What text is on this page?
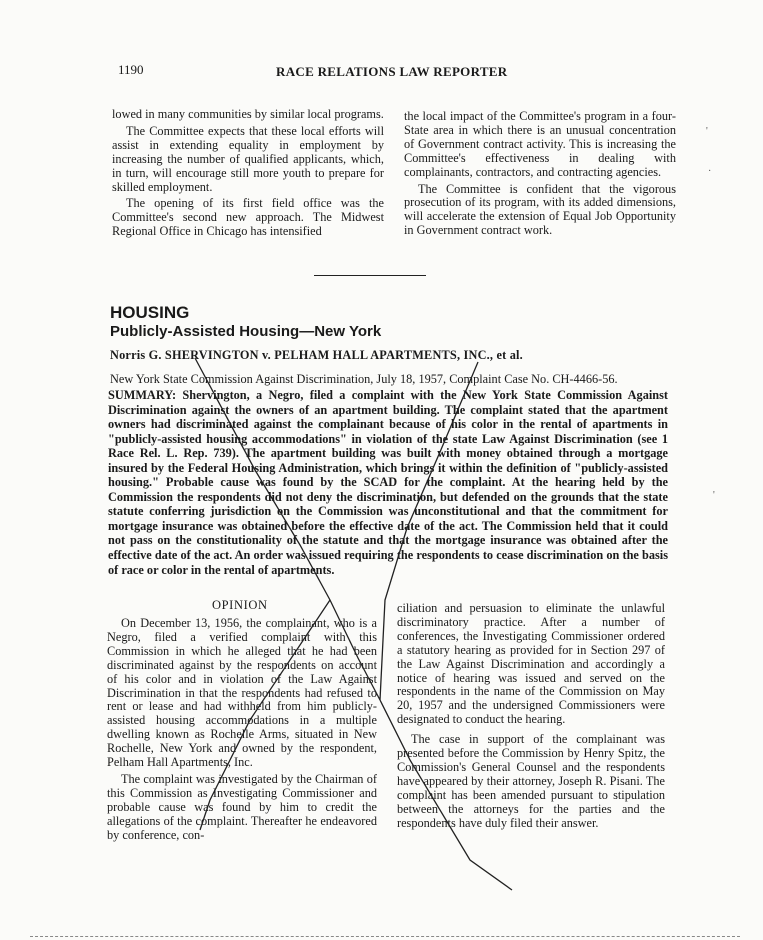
1190	RACE RELATIONS LAW REPORTER

lowed in many communities by similar local programs.

The Committee expects that these local efforts will assist in extending equality in employment by increasing the number of qualified applicants, which, in turn, will encourage still more youth to prepare for skilled employment.

The opening of its first field office was the Committee's second new approach. The Midwest Regional Office in Chicago has intensified

the local impact of the Committee's program in a four-State area in which there is an unusual concentration of Government contract activity. This is increasing the Committee's effectiveness in dealing with complainants, contractors, and contracting agencies.

The Committee is confident that the vigorous prosecution of its program, with its added dimensions, will accelerate the extension of Equal Job Opportunity in Government contract work.

HOUSING
Publicly-Assisted Housing—New York
Norris G. SHERVINGTON v. PELHAM HALL APARTMENTS, INC., et al.
New York State Commission Against Discrimination, July 18, 1957, Complaint Case No. CH-4466-56.
SUMMARY: Shervington, a Negro, filed a complaint with the New York State Commission Against Discrimination against the owners of an apartment building. The complaint stated that the apartment owners had discriminated against the complainant because of his color in the rental of apartments in "publicly-assisted housing accommodations" in violation of the state Law Against Discrimination (see 1 Race Rel. L. Rep. 739). The apartment building was built with money obtained through a mortgage insured by the Federal Housing Administration, which brings it within the definition of "publicly-assisted housing." Probable cause was found by the SCAD for the complaint. At the hearing held by the Commission the respondents did not deny the discrimination, but defended on the grounds that the state statute conferring jurisdiction on the Commission was unconstitutional and that the commitment for mortgage insurance was obtained before the effective date of the act. The Commission held that it could not pass on the constitutionality of the statute and that the mortgage insurance was obtained after the effective date of the act. An order was issued requiring the respondents to cease discrimination on the basis of race or color in the rental of apartments.
OPINION

On December 13, 1956, the complainant, who is a Negro, filed a verified complaint with this Commission in which he alleged that he had been discriminated against by the respondents on account of his color and in violation of the Law Against Discrimination in that the respondents had refused to rent or lease and had withheld from him publicly-assisted housing accommodations in a multiple dwelling known as Rochelle Arms, situated in New Rochelle, New York and owned by the respondent, Pelham Hall Apartments, Inc.

The complaint was investigated by the Chairman of this Commission as Investigating Commissioner and probable cause was found by him to credit the allegations of the complaint. Thereafter he endeavored by conference, con-

ciliation and persuasion to eliminate the unlawful discriminatory practice. After a number of conferences, the Investigating Commissioner ordered a statutory hearing as provided for in Section 297 of the Law Against Discrimination and accordingly a notice of hearing was issued and served on the respondents in the name of the Commission on May 20, 1957 and the undersigned Commissioners were designated to conduct the hearing.

The case in support of the complainant was presented before the Commission by Henry Spitz, the Commission's General Counsel and the respondents have appeared by their attorney, Joseph R. Pisani. The complaint has been amended pursuant to stipulation between the attorneys for the parties and the respondents have duly filed their answer.

'
'
·
